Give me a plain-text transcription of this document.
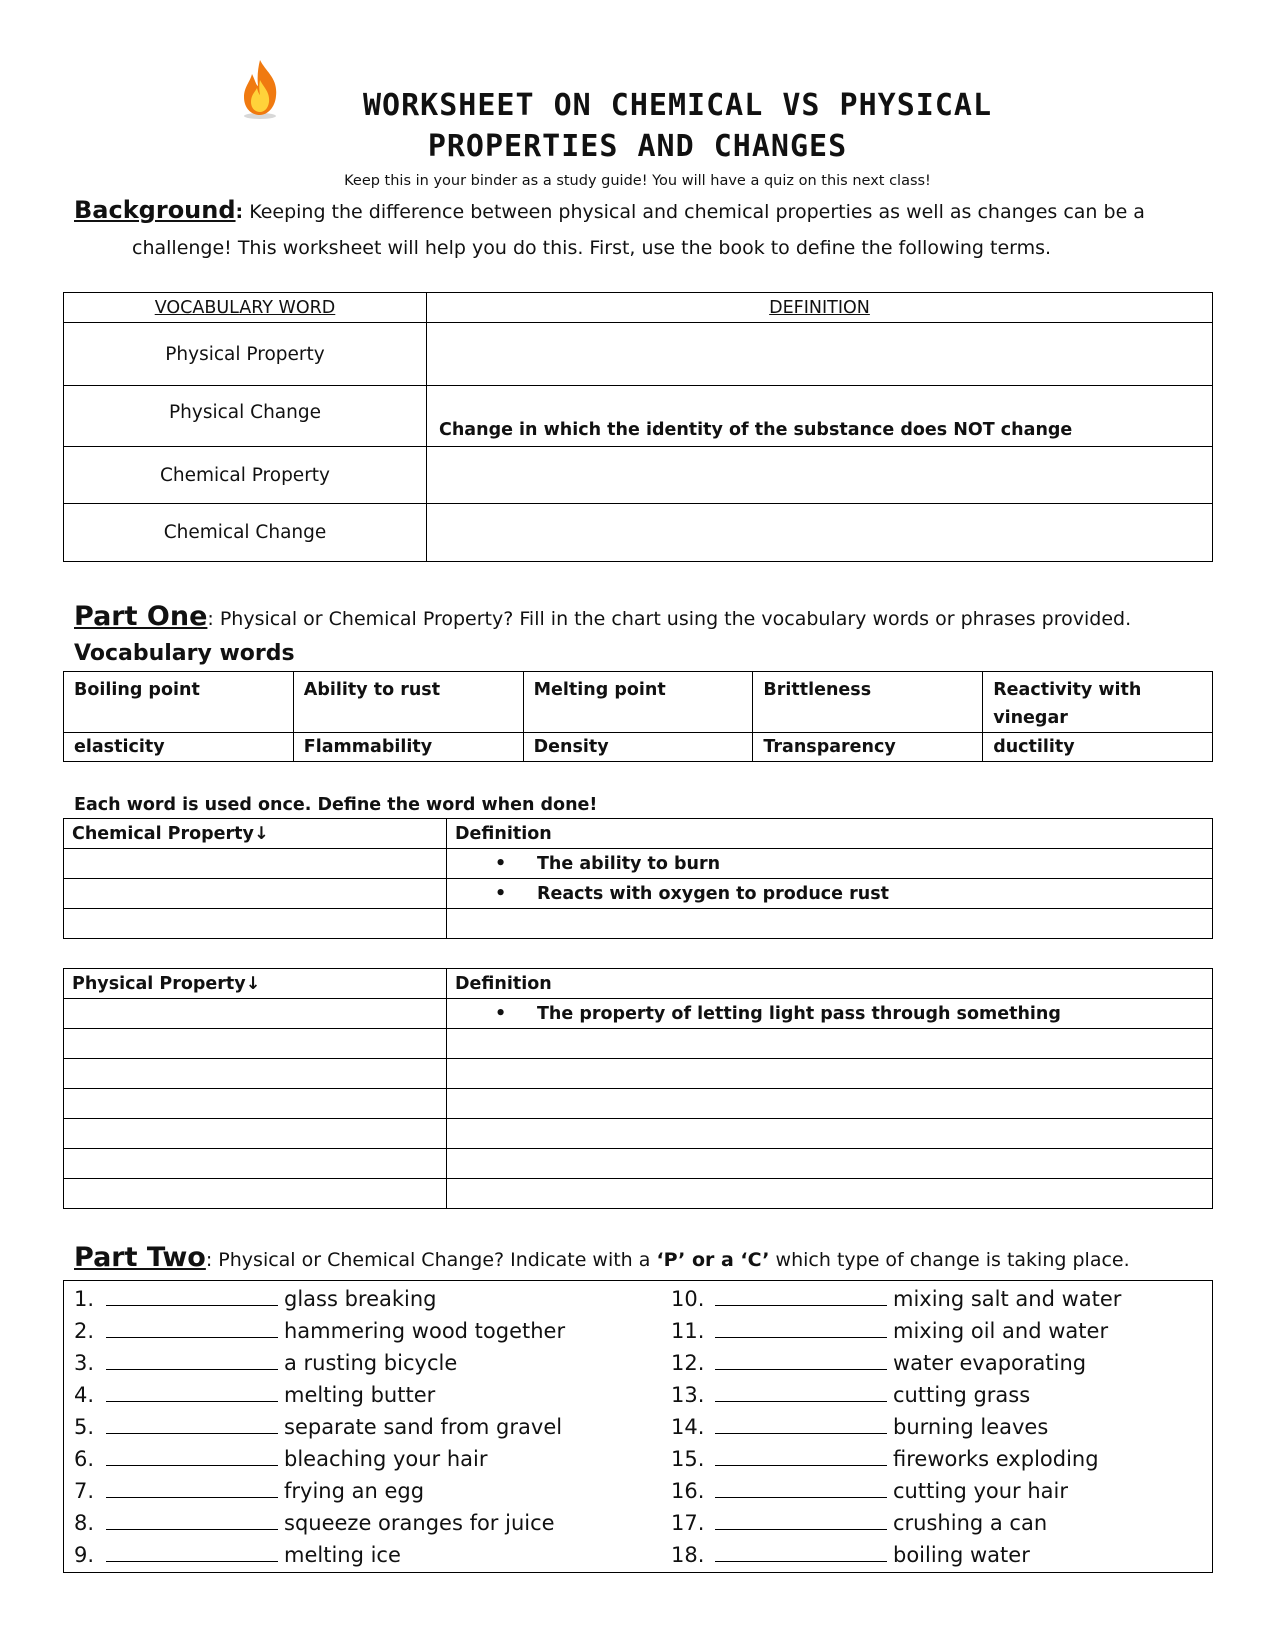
WORKSHEET ON CHEMICAL VS PHYSICAL
PROPERTIES AND CHANGES
Keep this in your binder as a study guide! You will have a quiz on this next class!
Background: Keeping the difference between physical and chemical properties as well as changes can be a
challenge! This worksheet will help you do this. First, use the book to define the following terms.
VOCABULARY WORD	DEFINITION
Physical Property	
Physical Change	Change in which the identity of the substance does NOT change
Chemical Property	
Chemical Change	
Part One: Physical or Chemical Property? Fill in the chart using the vocabulary words or phrases provided.
Vocabulary words
Boiling point	Ability to rust	Melting point	Brittleness	Reactivity with vinegar
elasticity	Flammability	Density	Transparency	ductility
Each word is used once. Define the word when done!
Chemical Property↓	Definition
	• The ability to burn
	• Reacts with oxygen to produce rust

Physical Property↓	Definition
	• The property of letting light pass through something

Part Two: Physical or Chemical Change? Indicate with a ‘P’ or a ‘C’ which type of change is taking place.
1.	glass breaking
2.	hammering wood together
3.	a rusting bicycle
4.	melting butter
5.	separate sand from gravel
6.	bleaching your hair
7.	frying an egg
8.	squeeze oranges for juice
9.	melting ice
10.	mixing salt and water
11.	mixing oil and water
12.	water evaporating
13.	cutting grass
14.	burning leaves
15.	fireworks exploding
16.	cutting your hair
17.	crushing a can
18.	boiling water
